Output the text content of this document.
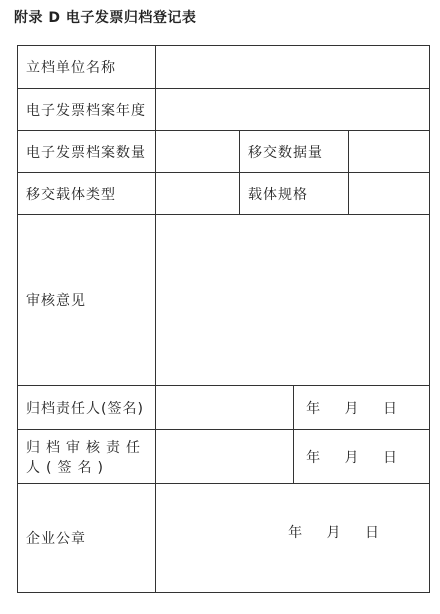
附录 D 电子发票归档登记表
立档单位名称				
电子发票档案年度				
电子发票档案数量		移交数据量		
移交载体类型		载体规格		
审核意见				
归档责任人(签名)			年 月 日	
归档审核责任人(签名)			年 月 日	
企业公章	年 月 日			
